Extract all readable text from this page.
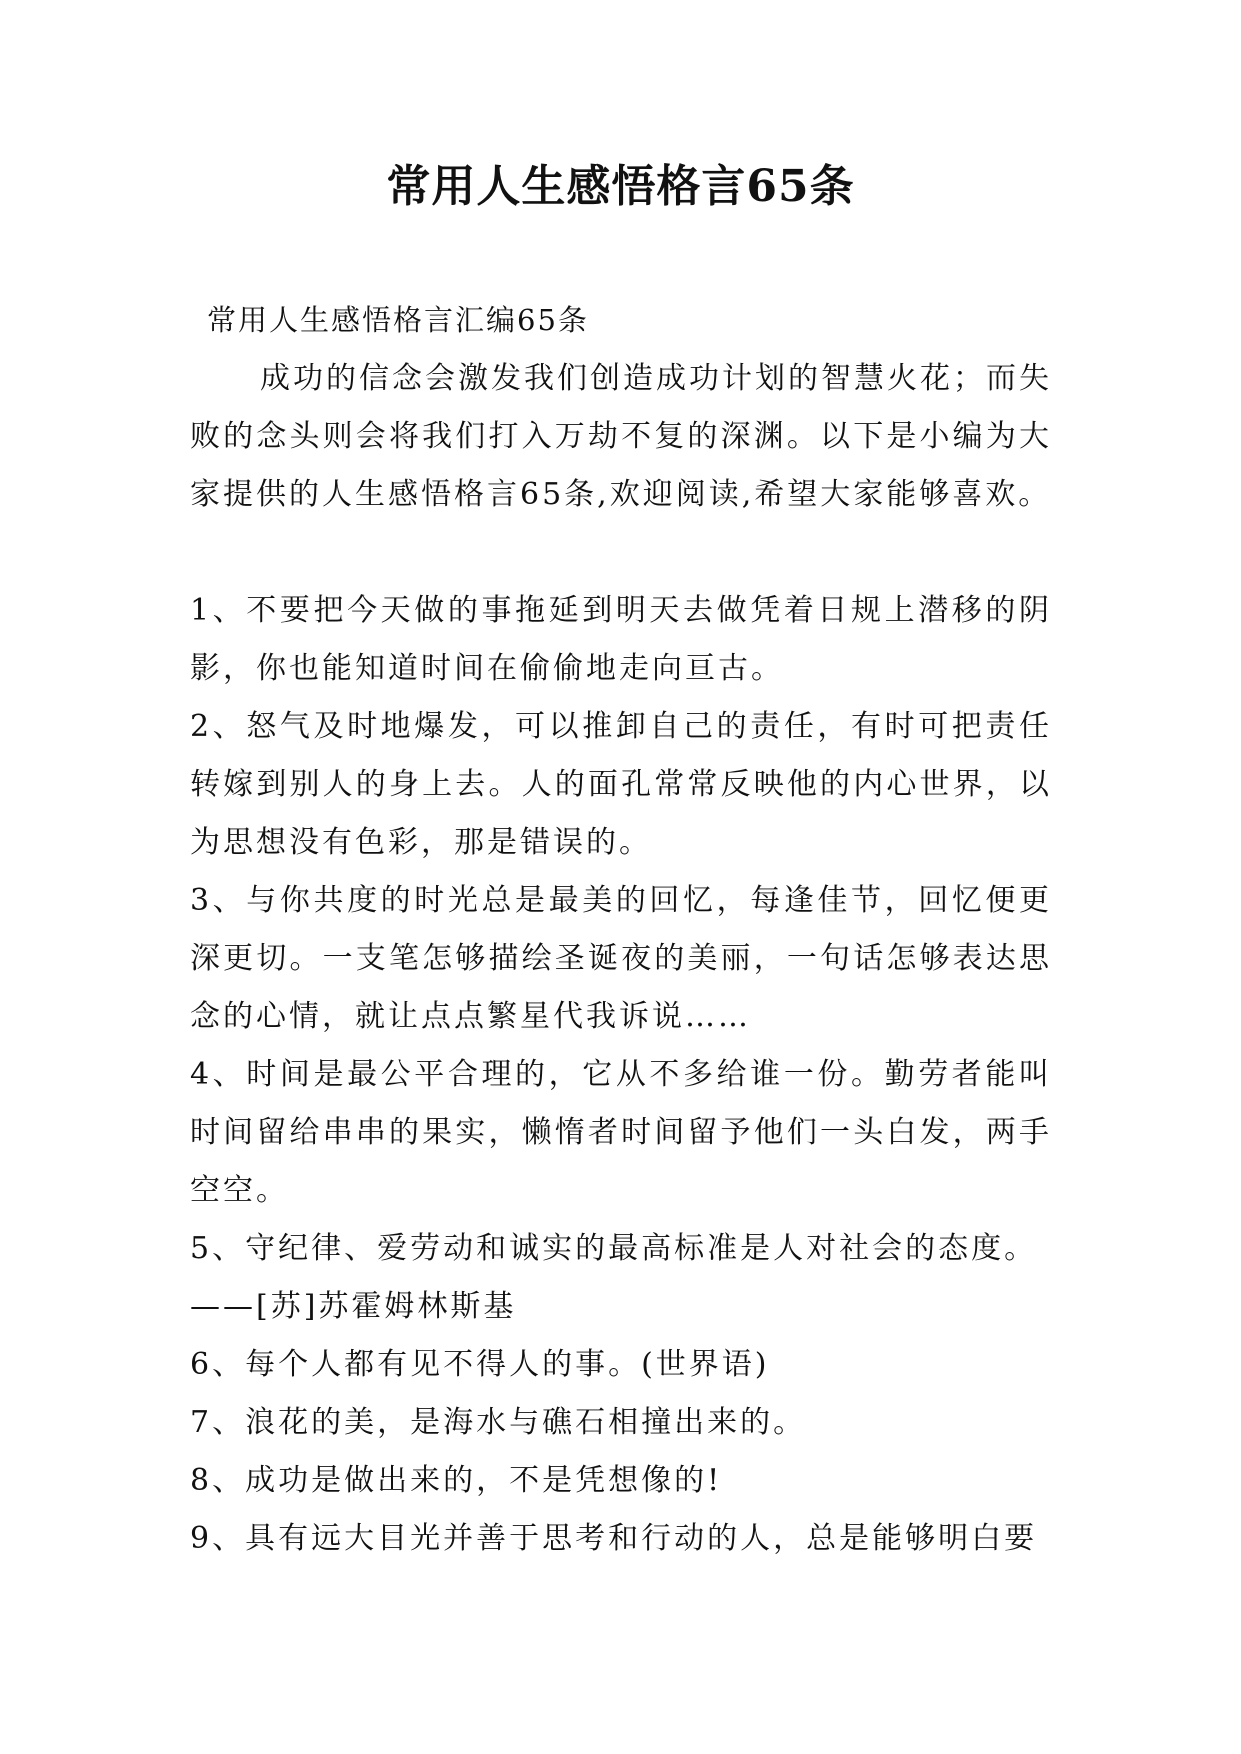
常用人生感悟格言65条

常用人生感悟格言汇编65条

成功的信念会激发我们创造成功计划的智慧火花；而失败的念头则会将我们打入万劫不复的深渊。以下是小编为大家提供的人生感悟格言65条,欢迎阅读,希望大家能够喜欢。

1、不要把今天做的事拖延到明天去做凭着日规上潜移的阴影，你也能知道时间在偷偷地走向亘古。

2、怒气及时地爆发，可以推卸自己的责任，有时可把责任转嫁到别人的身上去。人的面孔常常反映他的内心世界，以为思想没有色彩，那是错误的。

3、与你共度的时光总是最美的回忆，每逢佳节，回忆便更深更切。一支笔怎够描绘圣诞夜的美丽，一句话怎够表达思念的心情，就让点点繁星代我诉说……

4、时间是最公平合理的，它从不多给谁一份。勤劳者能叫时间留给串串的果实，懒惰者时间留予他们一头白发，两手空空。

5、守纪律、爱劳动和诚实的最高标准是人对社会的态度。

——[苏]苏霍姆林斯基

6、每个人都有见不得人的事。(世界语)

7、浪花的美，是海水与礁石相撞出来的。

8、成功是做出来的，不是凭想像的!

9、具有远大目光并善于思考和行动的人，总是能够明白要
